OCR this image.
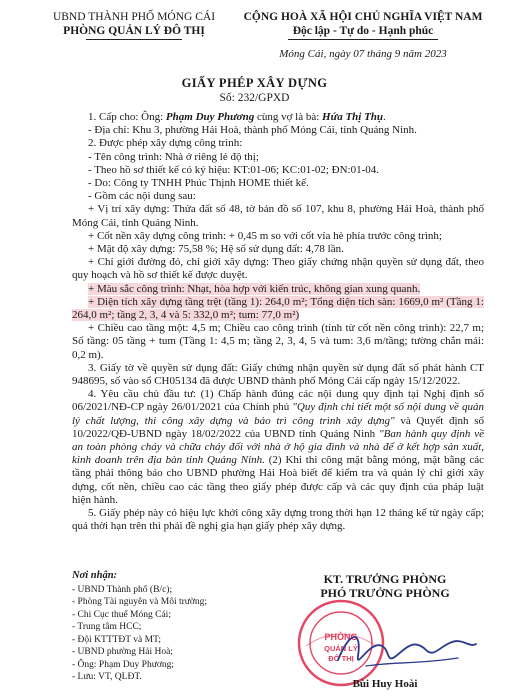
UBND THÀNH PHỐ MÓNG CÁI
PHÒNG QUẢN LÝ ĐÔ THỊ
CỘNG HOÀ XÃ HỘI CHỦ NGHĨA VIỆT NAM
Độc lập - Tự do - Hạnh phúc
Móng Cái, ngày 07 tháng 9 năm 2023
GIẤY PHÉP XÂY DỰNG
Số: 232/GPXD

1. Cấp cho: Ông: Phạm Duy Phương cùng vợ là bà: Hứa Thị Thụ.

- Địa chỉ: Khu 3, phường Hải Hoà, thành phố Móng Cái, tỉnh Quảng Ninh.

2. Được phép xây dựng công trình:

- Tên công trình: Nhà ở riêng lẻ độ thị;

- Theo hồ sơ thiết kế có ký hiệu: KT:01-06; KC:01-02; ĐN:01-04.

- Do: Công ty TNHH Phúc Thịnh HOME thiết kế.

- Gồm các nội dung sau:

+ Vị trí xây dựng: Thửa đất số 48, tờ bản đồ số 107, khu 8, phường Hải Hoà, thành phố Móng Cái, tỉnh Quảng Ninh.

+ Cốt nền xây dựng công trình: + 0,45 m so với cốt vỉa hè phía trước công trình;

+ Mật độ xây dựng: 75,58 %; Hệ số sử dụng đất: 4,78 lần.

+ Chỉ giới đường đỏ, chỉ giới xây dựng: Theo giấy chứng nhận quyền sử dụng đất, theo quy hoạch và hồ sơ thiết kế được duyệt.

+ Màu sắc công trình: Nhạt, hòa hợp với kiến trúc, không gian xung quanh.

+ Diện tích xây dựng tầng trệt (tầng 1): 264,0 m²; Tổng diện tích sàn: 1669,0 m² (Tầng 1: 264,0 m²; tầng 2, 3, 4 và 5: 332,0 m²; tum: 77,0 m²)

+ Chiều cao tầng một: 4,5 m; Chiều cao công trình (tính từ cốt nền công trình): 22,7 m; Số tầng: 05 tầng + tum (Tầng 1: 4,5 m; tầng 2, 3, 4, 5 và tum: 3,6 m/tầng; tường chắn mái: 0,2 m).

3. Giấy tờ về quyền sử dụng đất: Giấy chứng nhận quyền sử dụng đất số phát hành CT 948695, số vào sổ CH05134 đã được UBND thành phố Móng Cái cấp ngày 15/12/2022.

4. Yêu cầu chủ đầu tư: (1) Chấp hành đúng các nội dung quy định tại Nghị định số 06/2021/NĐ-CP ngày 26/01/2021 của Chính phủ "Quy định chi tiết một số nội dung về quản lý chất lượng, thi công xây dựng và bảo trì công trình xây dựng" và Quyết định số 10/2022/QĐ-UBND ngày 18/02/2022 của UBND tỉnh Quảng Ninh "Ban hành quy định về an toàn phòng cháy và chữa cháy đối với nhà ở hộ gia đình và nhà để ở kết hợp sản xuất, kinh doanh trên địa bàn tỉnh Quảng Ninh. (2) Khi thi công mặt bằng móng, mặt bằng các tầng phải thông báo cho UBND phường Hải Hoà biết để kiểm tra và quản lý chỉ giới xây dựng, cốt nền, chiều cao các tầng theo giấy phép được cấp và các quy định của pháp luật hiện hành.

5. Giấy phép này có hiệu lực khởi công xây dựng trong thời hạn 12 tháng kể từ ngày cấp; quá thời hạn trên thì phải đề nghị gia hạn giấy phép xây dựng.

Nơi nhận:
- UBND Thành phố (B/c);
- Phòng Tài nguyên và Môi trường;
- Chi Cục thuế Móng Cái;
- Trung tâm HCC;
- Đội KTTTĐT và MT;
- UBND phường Hải Hoà;
- Ông: Phạm Duy Phương;
- Lưu: VT, QLĐT.
KT. TRƯỞNG PHÒNG
PHÓ TRƯỞNG PHÒNG
PHÒNG
QUẢN LÝ
ĐÔ THỊ
Bùi Huy Hoài
